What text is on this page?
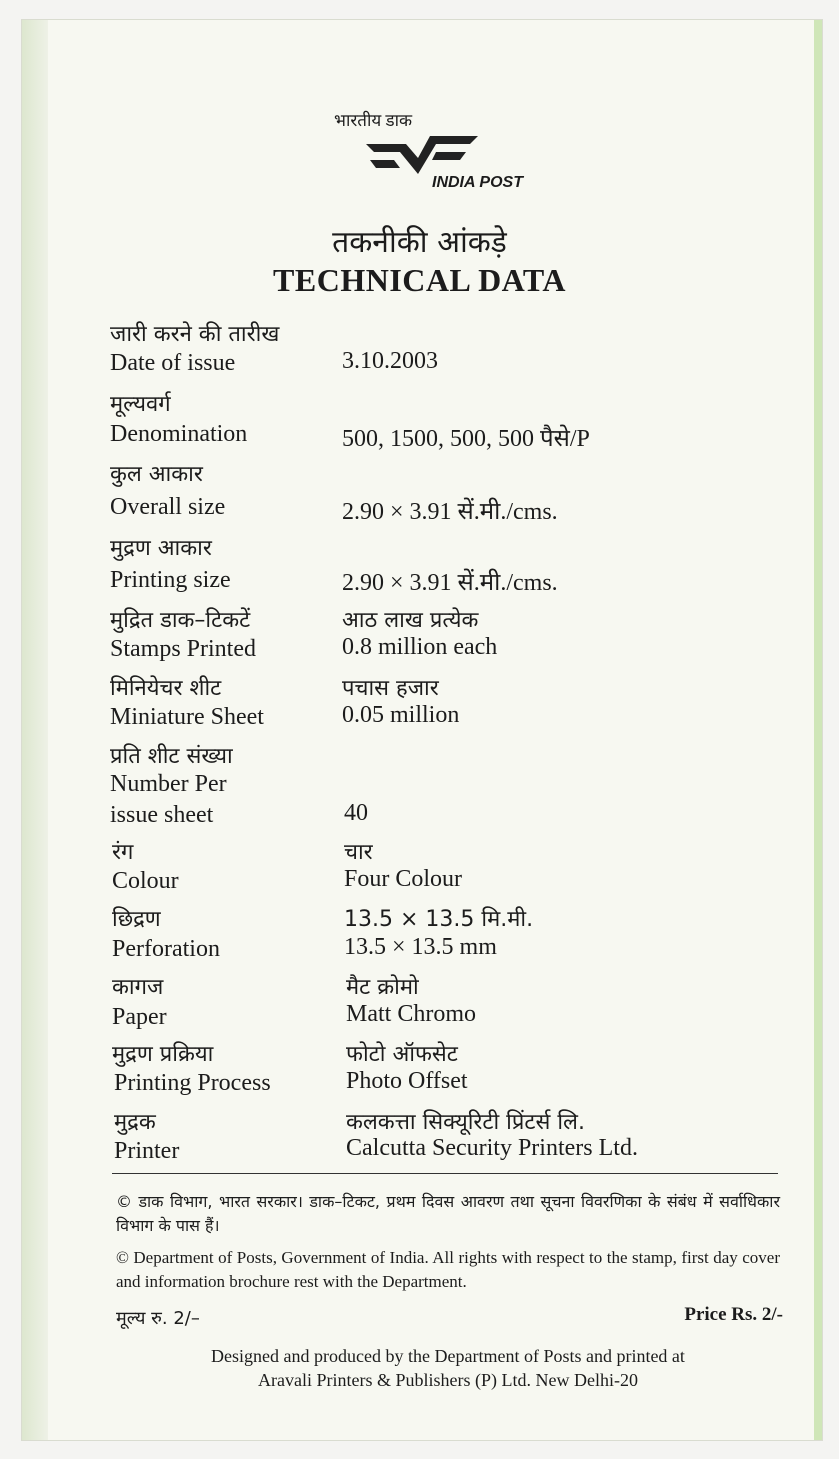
भारतीय डाक
INDIA POST
तकनीकी आंकड़े
TECHNICAL DATA
जारी करने की तारीख
Date of issue	3.10.2003
मूल्यवर्ग
Denomination	500, 1500, 500, 500 पैसे/P
कुल आकार
Overall size	2.90 × 3.91 सें.मी./cms.
मुद्रण आकार
Printing size	2.90 × 3.91 सें.मी./cms.
मुद्रित डाक–टिकटें	आठ लाख प्रत्येक
Stamps Printed	0.8 million each
मिनियेचर शीट	पचास हजार
Miniature Sheet	0.05 million
प्रति शीट संख्या
Number Per
issue sheet	40
रंग	चार
Colour	Four Colour
छिद्रण	13.5 × 13.5 मि.मी.
Perforation	13.5 × 13.5 mm
कागज	मैट क्रोमो
Paper	Matt Chromo
मुद्रण प्रक्रिया	फोटो ऑफसेट
Printing Process	Photo Offset
मुद्रक	कलकत्ता सिक्यूरिटी प्रिंटर्स लि.
Printer	Calcutta Security Printers Ltd.
© डाक विभाग, भारत सरकार। डाक–टिकट, प्रथम दिवस आवरण तथा सूचना विवरणिका के संबंध में सर्वाधिकार विभाग के पास हैं।
© Department of Posts, Government of India. All rights with respect to the stamp, first day cover and information brochure rest with the Department.
मूल्य रु. 2/–	Price Rs. 2/-
Designed and produced by the Department of Posts and printed at
Aravali Printers & Publishers (P) Ltd. New Delhi-20
